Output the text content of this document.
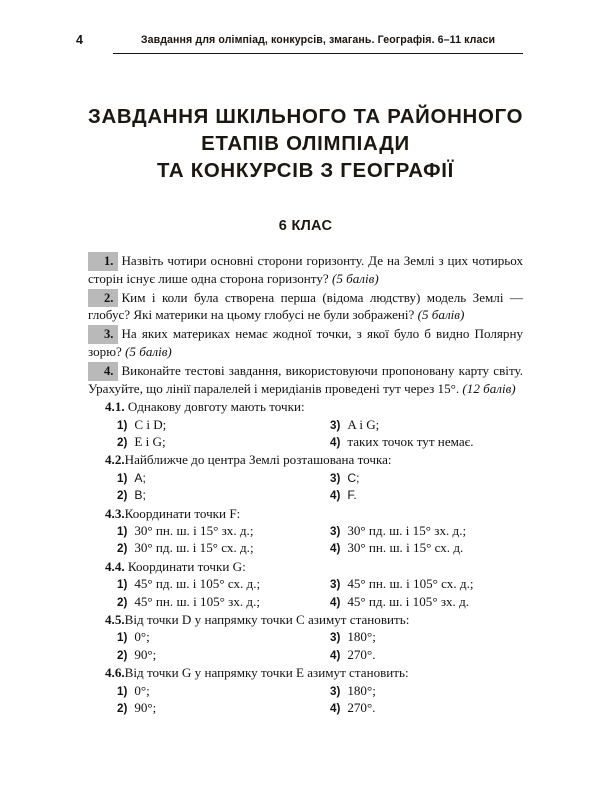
4	Завдання для олімпіад, конкурсів, змагань. Географія. 6–11 класи
ЗАВДАННЯ ШКІЛЬНОГО ТА РАЙОННОГО
ЕТАПІВ ОЛІМПІАДИ
ТА КОНКУРСІВ З ГЕОГРАФІЇ
6 КЛАС
1. Назвіть чотири основні сторони горизонту. Де на Землі з цих чотирьох сторін існує лише одна сторона горизонту? (5 балів)
2. Ким і коли була створена перша (відома людству) модель Землі — глобус? Які материки на цьому глобусі не були зображені? (5 балів)
3. На яких материках немає жодної точки, з якої було б видно Полярну зорю? (5 балів)
4. Виконайте тестові завдання, використовуючи пропоновану карту світу. Урахуйте, що лінії паралелей і меридіанів проведені тут через 15°. (12 балів)
4.1. Однакову довготу мають точки:
1) C i D;	3) A i G;
2) E i G;	4) таких точок тут немає.
4.2.Найближче до центра Землі розташована точка:
1) A;	3) C;
2) B;	4) F.
4.3.Координати точки F:
1) 30° пн. ш. і 15° зх. д.;	3) 30° пд. ш. і 15° зх. д.;
2) 30° пд. ш. і 15° сх. д.;	4) 30° пн. ш. і 15° сх. д.
4.4. Координати точки G:
1) 45° пд. ш. і 105° сх. д.;	3) 45° пн. ш. і 105° сх. д.;
2) 45° пн. ш. і 105° зх. д.;	4) 45° пд. ш. і 105° зх. д.
4.5.Від точки D у напрямку точки C азимут становить:
1) 0°;	3) 180°;
2) 90°;	4) 270°.
4.6.Від точки G у напрямку точки E азимут становить:
1) 0°;	3) 180°;
2) 90°;	4) 270°.
